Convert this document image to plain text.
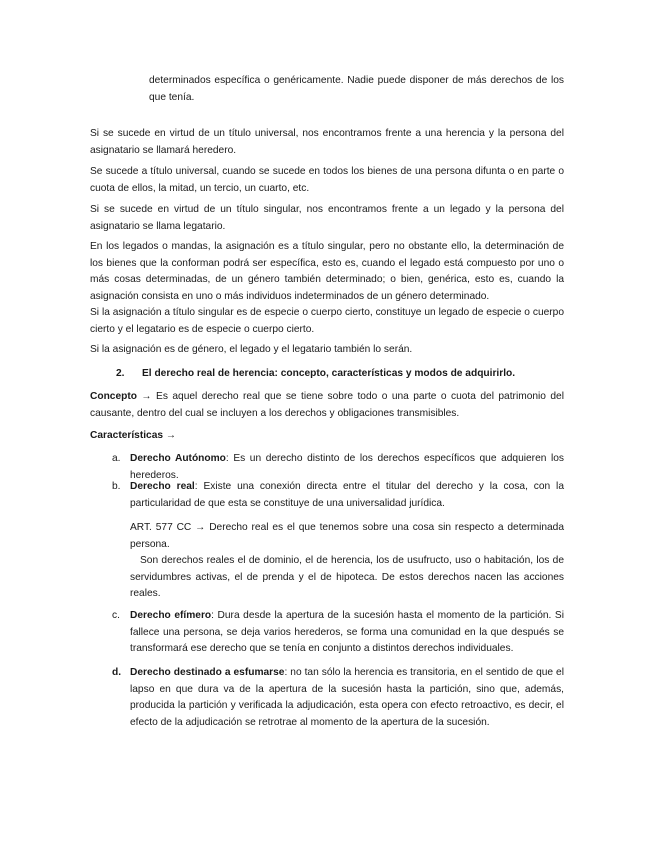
determinados específica o genéricamente. Nadie puede disponer de más derechos de los que tenía.

Si se sucede en virtud de un título universal, nos encontramos frente a una herencia y la persona del asignatario se llamará heredero.

Se sucede a título universal, cuando se sucede en todos los bienes de una persona difunta o en parte o cuota de ellos, la mitad, un tercio, un cuarto, etc.

Si se sucede en virtud de un título singular, nos encontramos frente a un legado y la persona del asignatario se llama legatario.

En los legados o mandas, la asignación es a título singular, pero no obstante ello, la determinación de los bienes que la conforman podrá ser específica, esto es, cuando el legado está compuesto por uno o más cosas determinadas, de un género también determinado; o bien, genérica, esto es, cuando la asignación consista en uno o más individuos indeterminados de un género determinado.

Si la asignación a título singular es de especie o cuerpo cierto, constituye un legado de especie o cuerpo cierto y el legatario es de especie o cuerpo cierto.

Si la asignación es de género, el legado y el legatario también lo serán.

2. El derecho real de herencia: concepto, características y modos de adquirirlo.

Concepto → Es aquel derecho real que se tiene sobre todo o una parte o cuota del patrimonio del causante, dentro del cual se incluyen a los derechos y obligaciones transmisibles.

Características →

a. Derecho Autónomo: Es un derecho distinto de los derechos específicos que adquieren los herederos.
b. Derecho real: Existe una conexión directa entre el titular del derecho y la cosa, con la particularidad de que esta se constituye de una universalidad jurídica.

ART. 577 CC → Derecho real es el que tenemos sobre una cosa sin respecto a determinada persona.

Son derechos reales el de dominio, el de herencia, los de usufructo, uso o habitación, los de servidumbres activas, el de prenda y el de hipoteca. De estos derechos nacen las acciones reales.

c. Derecho efímero: Dura desde la apertura de la sucesión hasta el momento de la partición. Si fallece una persona, se deja varios herederos, se forma una comunidad en la que después se transformará ese derecho que se tenía en conjunto a distintos derechos individuales.
d. Derecho destinado a esfumarse: no tan sólo la herencia es transitoria, en el sentido de que el lapso en que dura va de la apertura de la sucesión hasta la partición, sino que, además, producida la partición y verificada la adjudicación, esta opera con efecto retroactivo, es decir, el efecto de la adjudicación se retrotrae al momento de la apertura de la sucesión.
